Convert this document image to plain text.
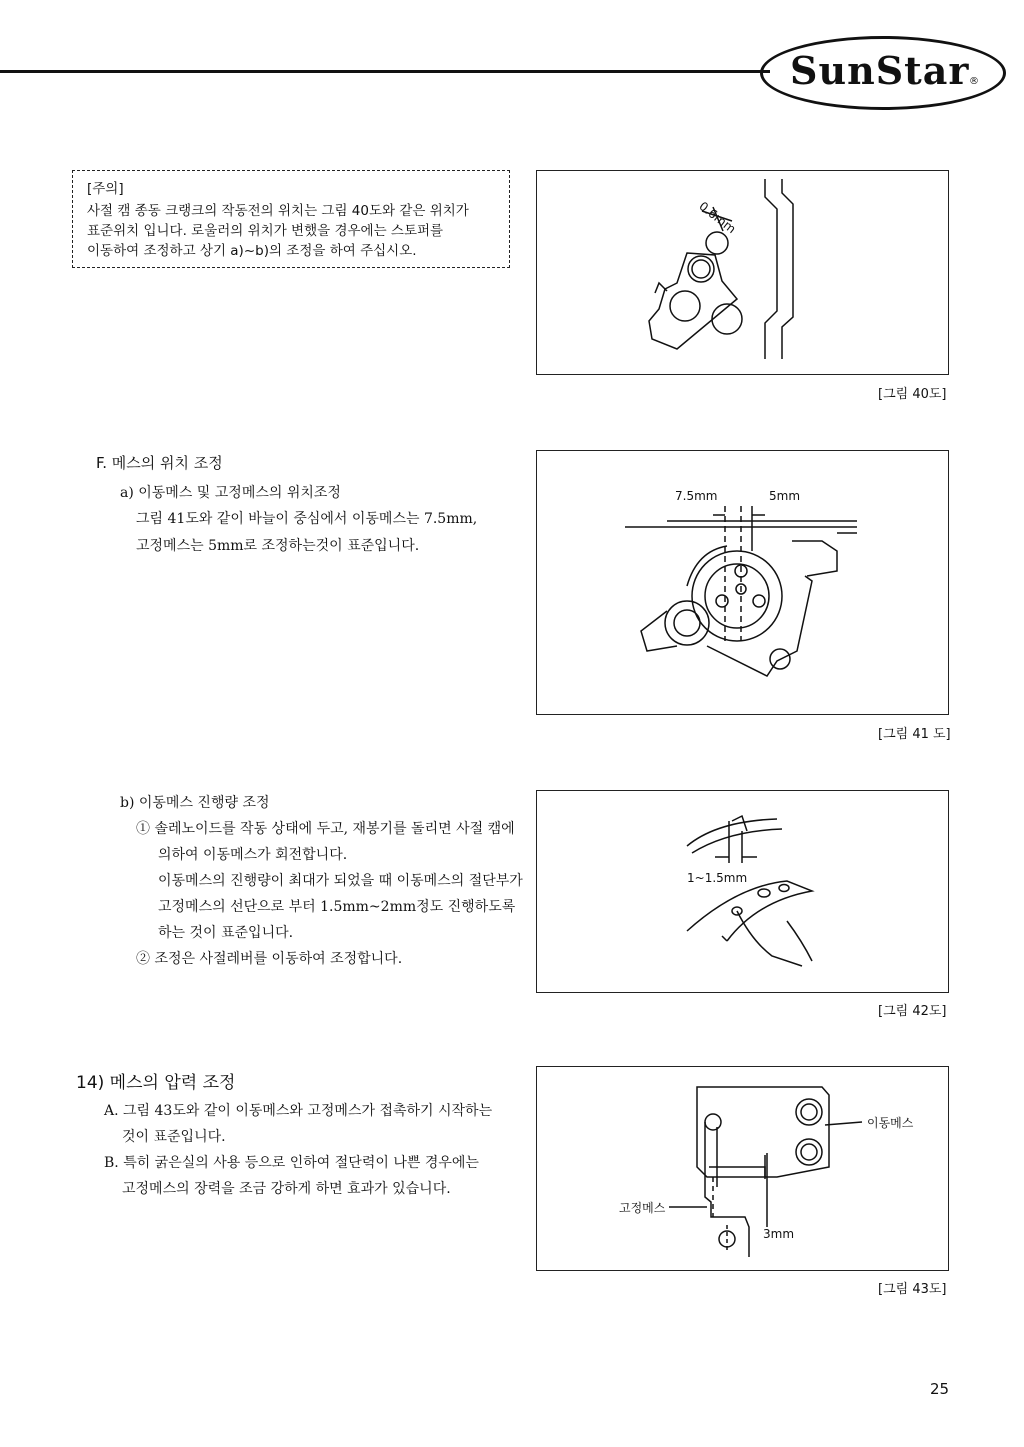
SunStar ®
[주의]
사절 캠 종동 크랭크의 작동전의 위치는 그림 40도와 같은 위치가
표준위치 입니다. 로울러의 위치가 변했을 경우에는 스토퍼를
이동하여 조정하고 상기 a)~b)의 조정을 하여 주십시오.
0.6mm
[그림 40도]
F. 메스의 위치 조정
a) 이동메스 및 고정메스의 위치조정
그림 41도와 같이 바늘이 중심에서 이동메스는 7.5mm,
고정메스는 5mm로 조정하는것이 표준입니다.
7.5mm	5mm
[그림 41 도]
b) 이동메스 진행량 조정
① 솔레노이드를 작동 상태에 두고, 재봉기를 돌리면 사절 캠에
의하여 이동메스가 회전합니다.
이동메스의 진행량이 최대가 되었을 때 이동메스의 절단부가
고정메스의 선단으로 부터 1.5mm~2mm정도 진행하도록
하는 것이 표준입니다.
② 조정은 사절레버를 이동하여 조정합니다.
1~1.5mm
[그림 42도]
14) 메스의 압력 조정
A. 그림 43도와 같이 이동메스와 고정메스가 접촉하기 시작하는
것이 표준입니다.
B. 특히 굵은실의 사용 등으로 인하여 절단력이 나쁜 경우에는
고정메스의 장력을 조금 강하게 하면 효과가 있습니다.
이동메스
고정메스
3mm
[그림 43도]
25
